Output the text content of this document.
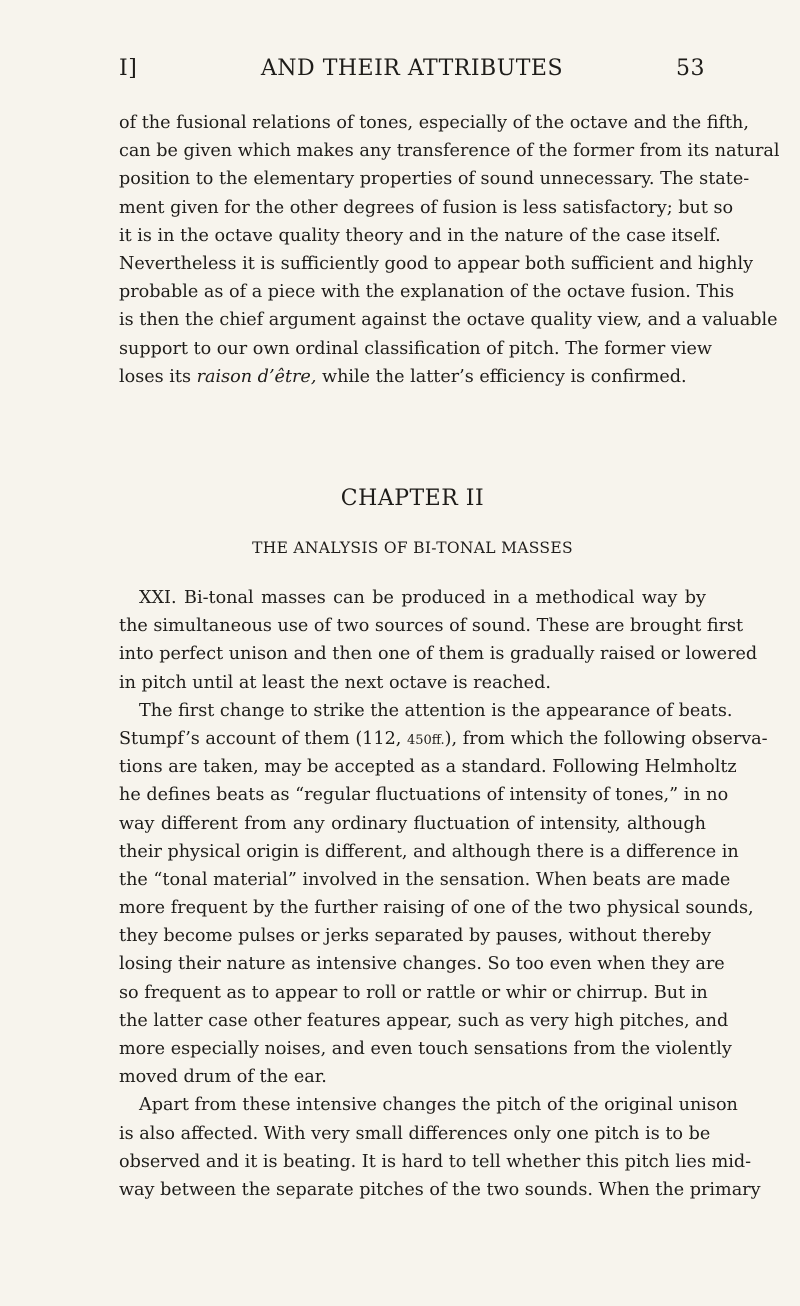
I]	AND THEIR ATTRIBUTES	53
of the fusional relations of tones, especially of the octave and the fifth,
can be given which makes any transference of the former from its natural
position to the elementary properties of sound unnecessary. The state-
ment given for the other degrees of fusion is less satisfactory; but so
it is in the octave quality theory and in the nature of the case itself.
Nevertheless it is sufficiently good to appear both sufficient and highly
probable as of a piece with the explanation of the octave fusion. This
is then the chief argument against the octave quality view, and a valuable
support to our own ordinal classification of pitch. The former view
loses its raison d’être, while the latter’s efficiency is confirmed.
CHAPTER II
THE ANALYSIS OF BI-TONAL MASSES
XXI. Bi-tonal masses can be produced in a methodical way by
the simultaneous use of two sources of sound. These are brought first
into perfect unison and then one of them is gradually raised or lowered
in pitch until at least the next octave is reached.
The first change to strike the attention is the appearance of beats.
Stumpf’s account of them (112, 450ff.), from which the following observa-
tions are taken, may be accepted as a standard. Following Helmholtz
he defines beats as “regular fluctuations of intensity of tones,” in no
way different from any ordinary fluctuation of intensity, although
their physical origin is different, and although there is a difference in
the “tonal material” involved in the sensation. When beats are made
more frequent by the further raising of one of the two physical sounds,
they become pulses or jerks separated by pauses, without thereby
losing their nature as intensive changes. So too even when they are
so frequent as to appear to roll or rattle or whir or chirrup. But in
the latter case other features appear, such as very high pitches, and
more especially noises, and even touch sensations from the violently
moved drum of the ear.
Apart from these intensive changes the pitch of the original unison
is also affected. With very small differences only one pitch is to be
observed and it is beating. It is hard to tell whether this pitch lies mid-
way between the separate pitches of the two sounds. When the primary
